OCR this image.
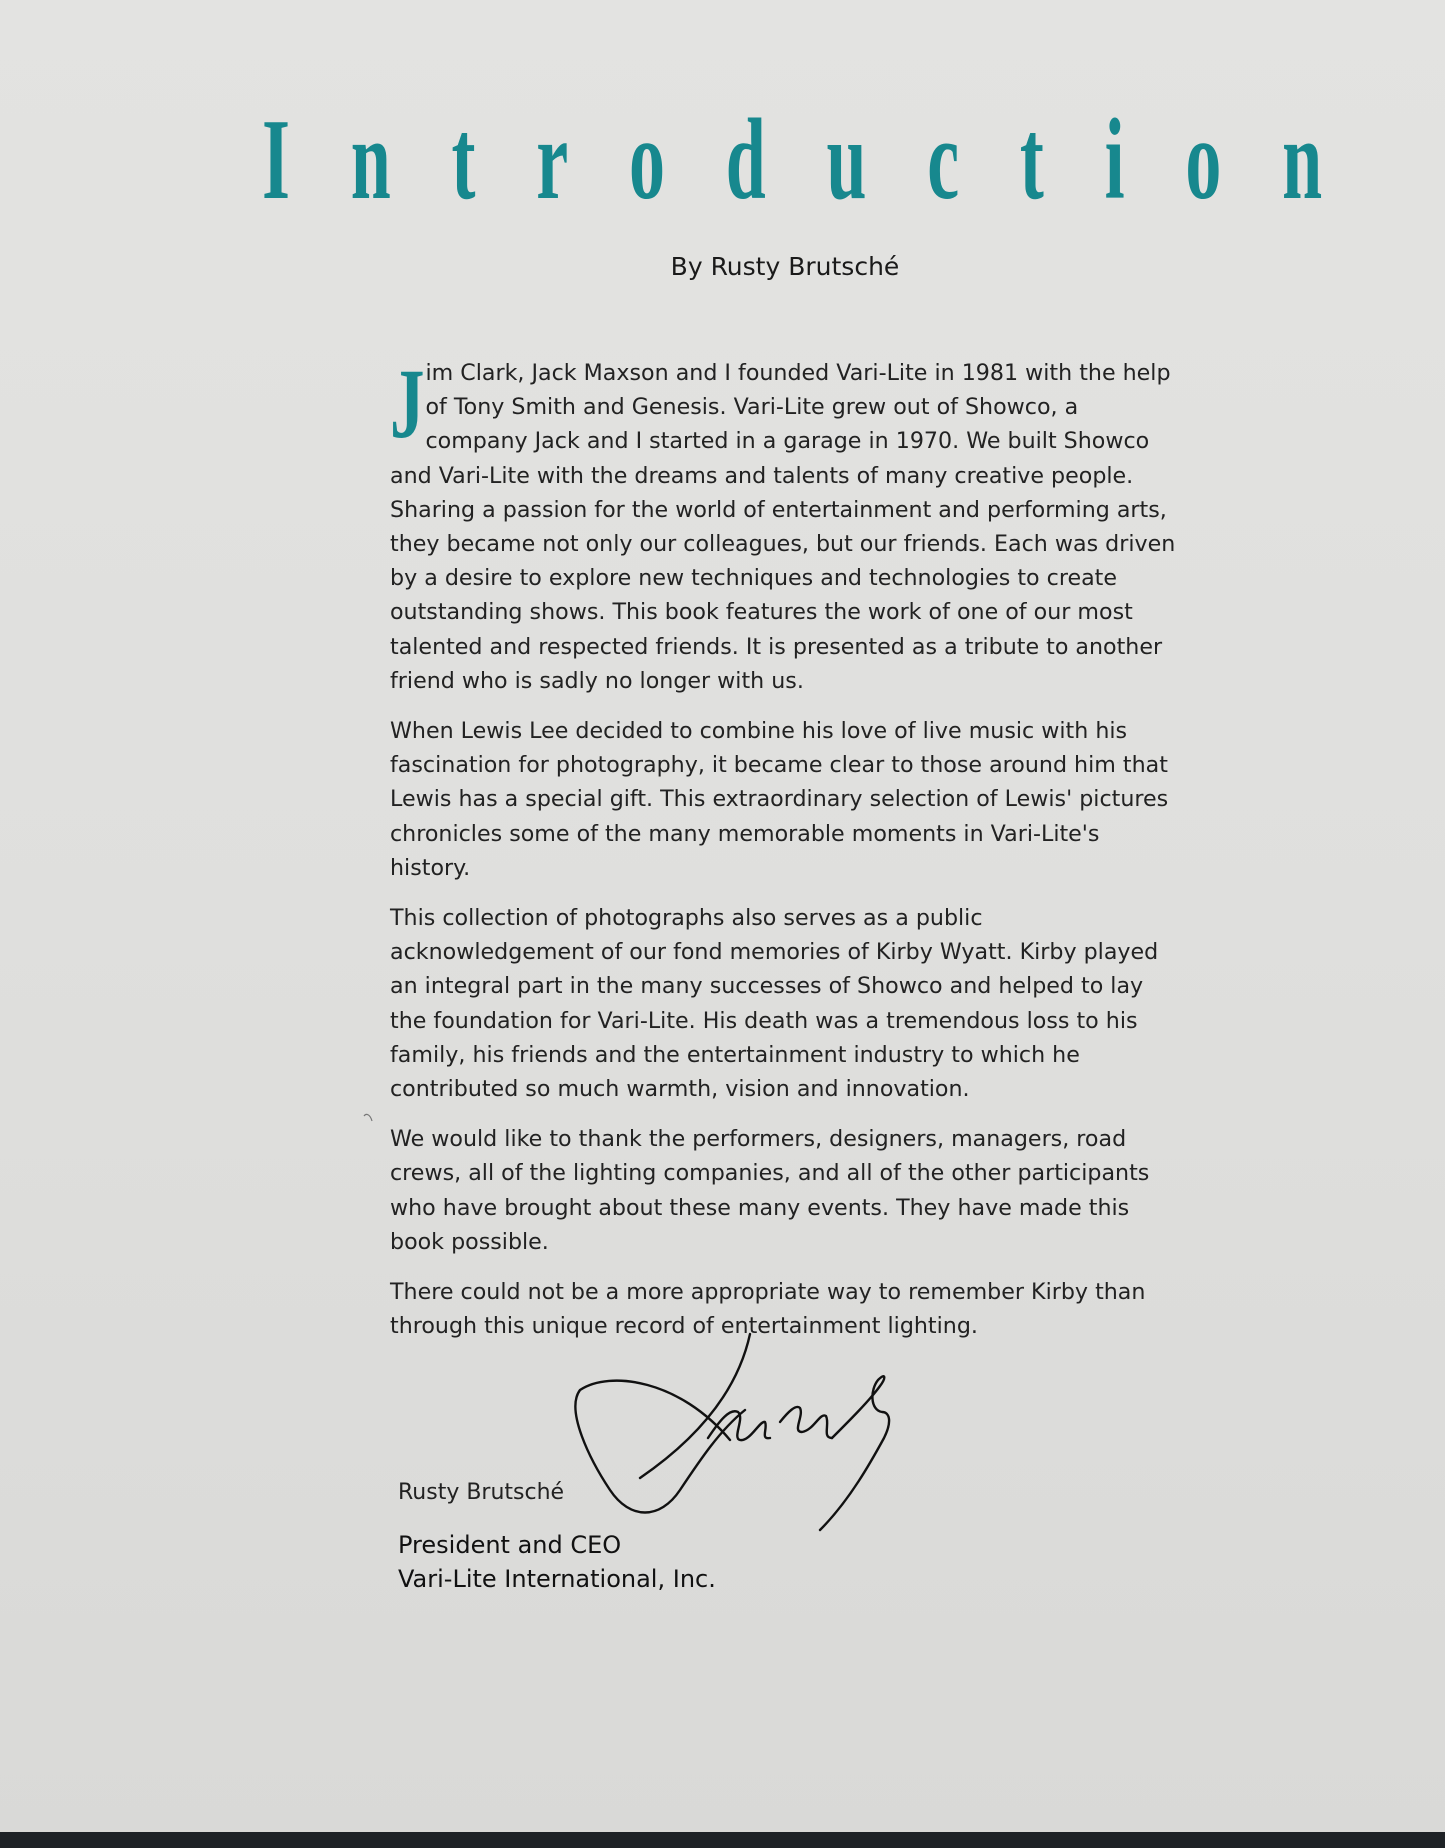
I n t r o d u c t i o n
By Rusty Brutsché

Jim Clark, Jack Maxson and I founded Vari-Lite in 1981 with the help of Tony Smith and Genesis. Vari-Lite grew out of Showco, a company Jack and I started in a garage in 1970. We built Showco and Vari-Lite with the dreams and talents of many creative people. Sharing a passion for the world of entertainment and performing arts, they became not only our colleagues, but our friends. Each was driven by a desire to explore new techniques and technologies to create outstanding shows. This book features the work of one of our most talented and respected friends. It is presented as a tribute to another friend who is sadly no longer with us.

When Lewis Lee decided to combine his love of live music with his fascination for photography, it became clear to those around him that Lewis has a special gift. This extraordinary selection of Lewis' pictures chronicles some of the many memorable moments in Vari-Lite's history.

This collection of photographs also serves as a public acknowledgement of our fond memories of Kirby Wyatt. Kirby played an integral part in the many successes of Showco and helped to lay the foundation for Vari-Lite. His death was a tremendous loss to his family, his friends and the entertainment industry to which he contributed so much warmth, vision and innovation.

We would like to thank the performers, designers, managers, road crews, all of the lighting companies, and all of the other participants who have brought about these many events. They have made this book possible.

There could not be a more appropriate way to remember Kirby than through this unique record of entertainment lighting.

Rusty Brutsché
President and CEO
Vari-Lite International, Inc.
